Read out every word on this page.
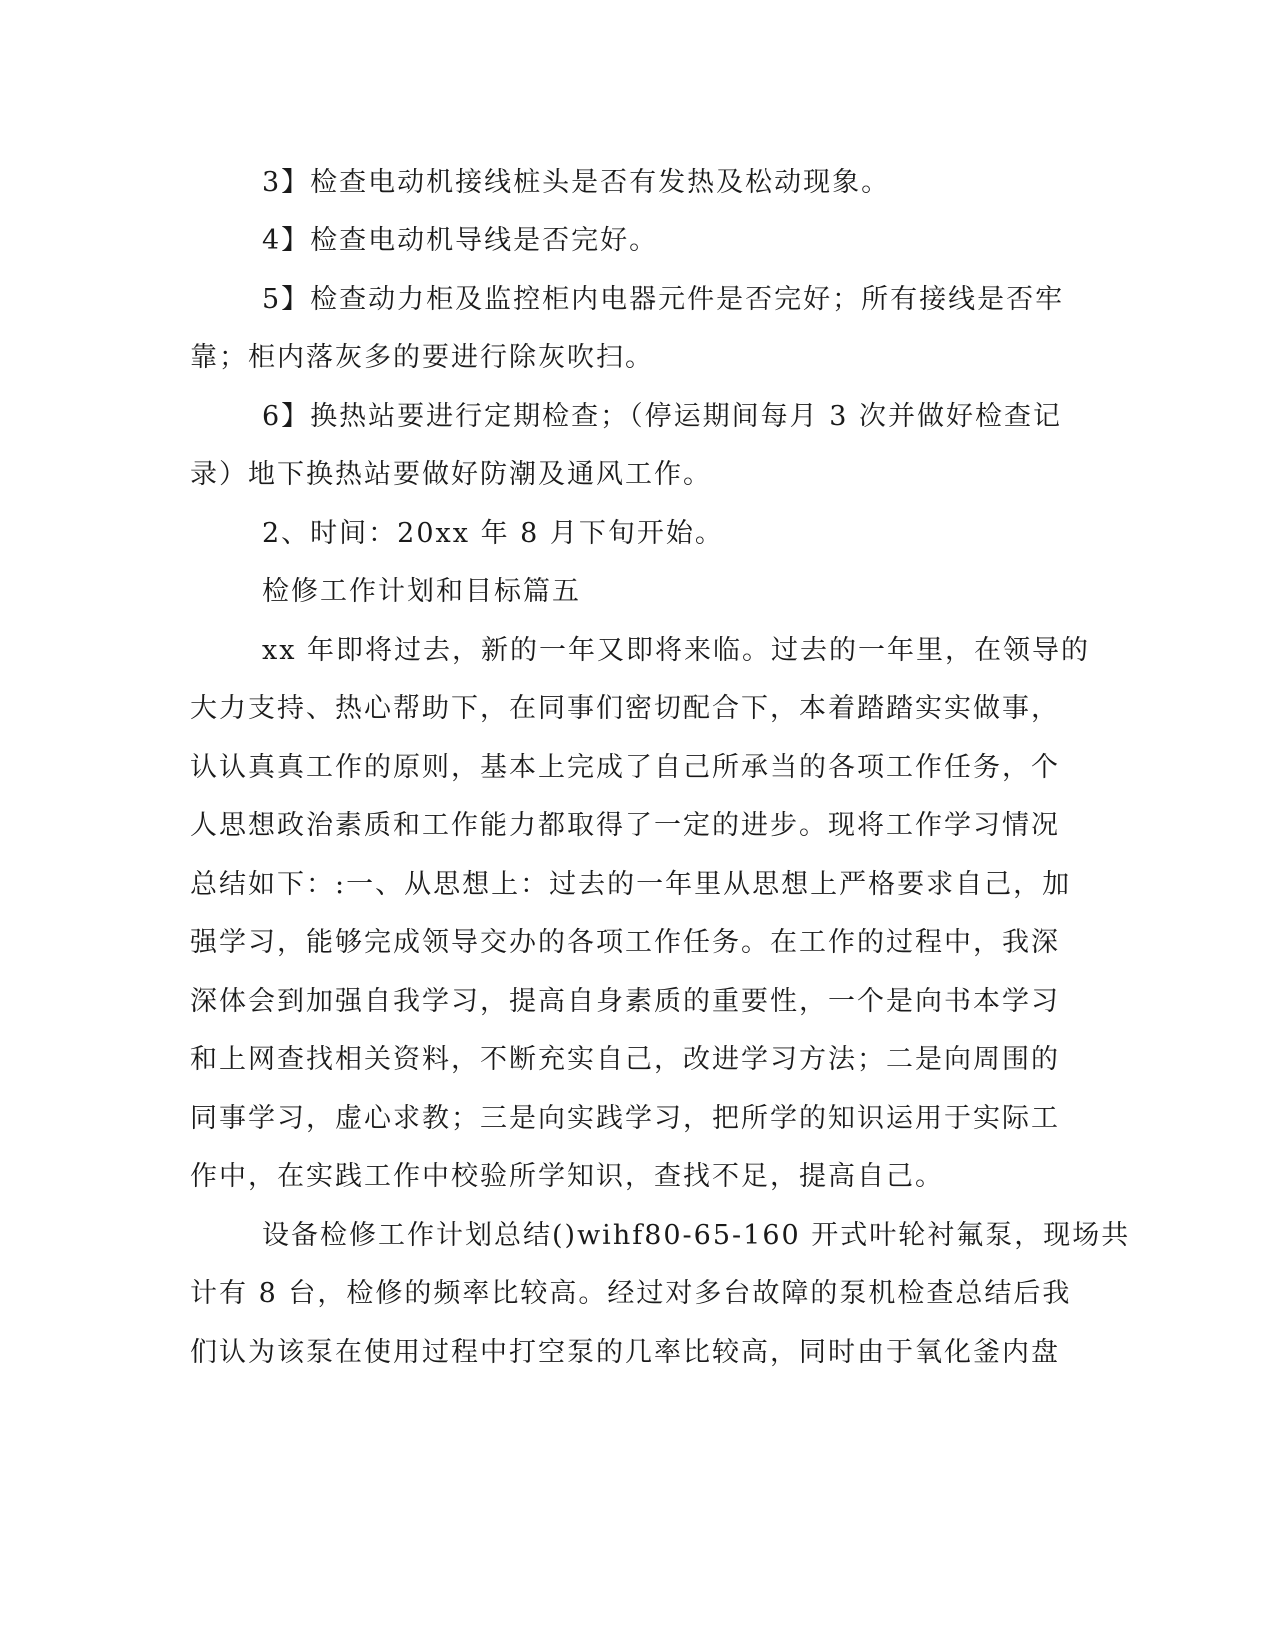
3】检查电动机接线桩头是否有发热及松动现象。
4】检查电动机导线是否完好。
5】检查动力柜及监控柜内电器元件是否完好；所有接线是否牢
靠；柜内落灰多的要进行除灰吹扫。
6】换热站要进行定期检查；（停运期间每月 3 次并做好检查记
录）地下换热站要做好防潮及通风工作。
2、时间：20xx 年 8 月下旬开始。
检修工作计划和目标篇五
xx 年即将过去，新的一年又即将来临。过去的一年里，在领导的
大力支持、热心帮助下，在同事们密切配合下，本着踏踏实实做事，
认认真真工作的原则，基本上完成了自己所承当的各项工作任务，个
人思想政治素质和工作能力都取得了一定的进步。现将工作学习情况
总结如下：:一、从思想上：过去的一年里从思想上严格要求自己，加
强学习，能够完成领导交办的各项工作任务。在工作的过程中，我深
深体会到加强自我学习，提高自身素质的重要性，一个是向书本学习
和上网查找相关资料，不断充实自己，改进学习方法；二是向周围的
同事学习，虚心求教；三是向实践学习，把所学的知识运用于实际工
作中，在实践工作中校验所学知识，查找不足，提高自己。
设备检修工作计划总结()wihf80-65-160 开式叶轮衬氟泵，现场共
计有 8 台，检修的频率比较高。经过对多台故障的泵机检查总结后我
们认为该泵在使用过程中打空泵的几率比较高，同时由于氧化釜内盘
